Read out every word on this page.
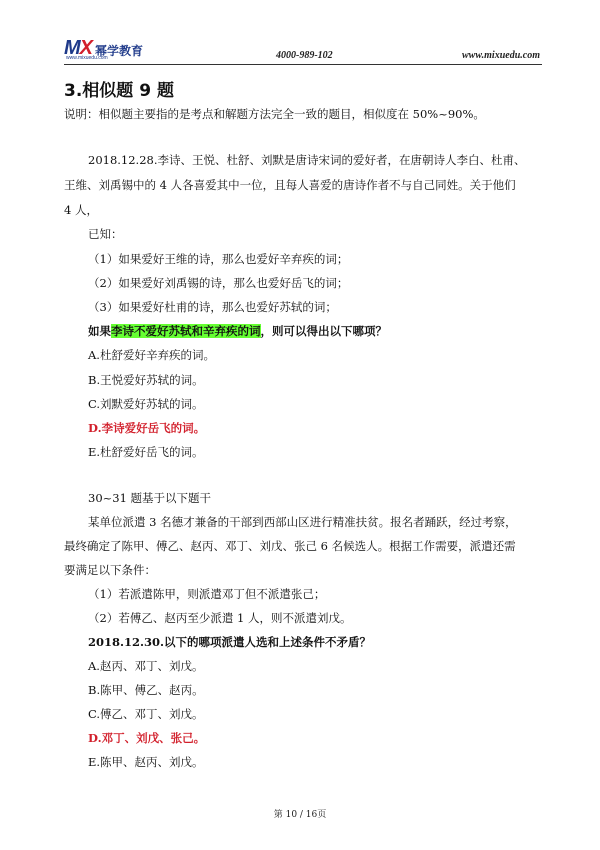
MX 幂学教育
www.mixuedu.com	4000-989-102	www.mixuedu.com
3.相似题 9 题
说明：相似题主要指的是考点和解题方法完全一致的题目，相似度在 50%~90%。
2018.12.28.李诗、王悦、杜舒、刘默是唐诗宋词的爱好者，在唐朝诗人李白、杜甫、
王维、刘禹锡中的 4 人各喜爱其中一位，且每人喜爱的唐诗作者不与自己同姓。关于他们
4 人，
已知：
（1）如果爱好王维的诗，那么也爱好辛弃疾的词；
（2）如果爱好刘禹锡的诗，那么也爱好岳飞的词；
（3）如果爱好杜甫的诗，那么也爱好苏轼的词；
如果李诗不爱好苏轼和辛弃疾的词，则可以得出以下哪项？
A.杜舒爱好辛弃疾的词。
B.王悦爱好苏轼的词。
C.刘默爱好苏轼的词。
D.李诗爱好岳飞的词。
E.杜舒爱好岳飞的词。
30~31 题基于以下题干
某单位派遣 3 名德才兼备的干部到西部山区进行精准扶贫。报名者踊跃，经过考察，
最终确定了陈甲、傅乙、赵丙、邓丁、刘戊、张己 6 名候选人。根据工作需要，派遣还需
要满足以下条件：
（1）若派遣陈甲，则派遣邓丁但不派遣张己；
（2）若傅乙、赵丙至少派遣 1 人，则不派遣刘戊。
2018.12.30.以下的哪项派遣人选和上述条件不矛盾？
A.赵丙、邓丁、刘戊。
B.陈甲、傅乙、赵丙。
C.傅乙、邓丁、刘戊。
D.邓丁、刘戊、张己。
E.陈甲、赵丙、刘戊。
第 10 / 16页
